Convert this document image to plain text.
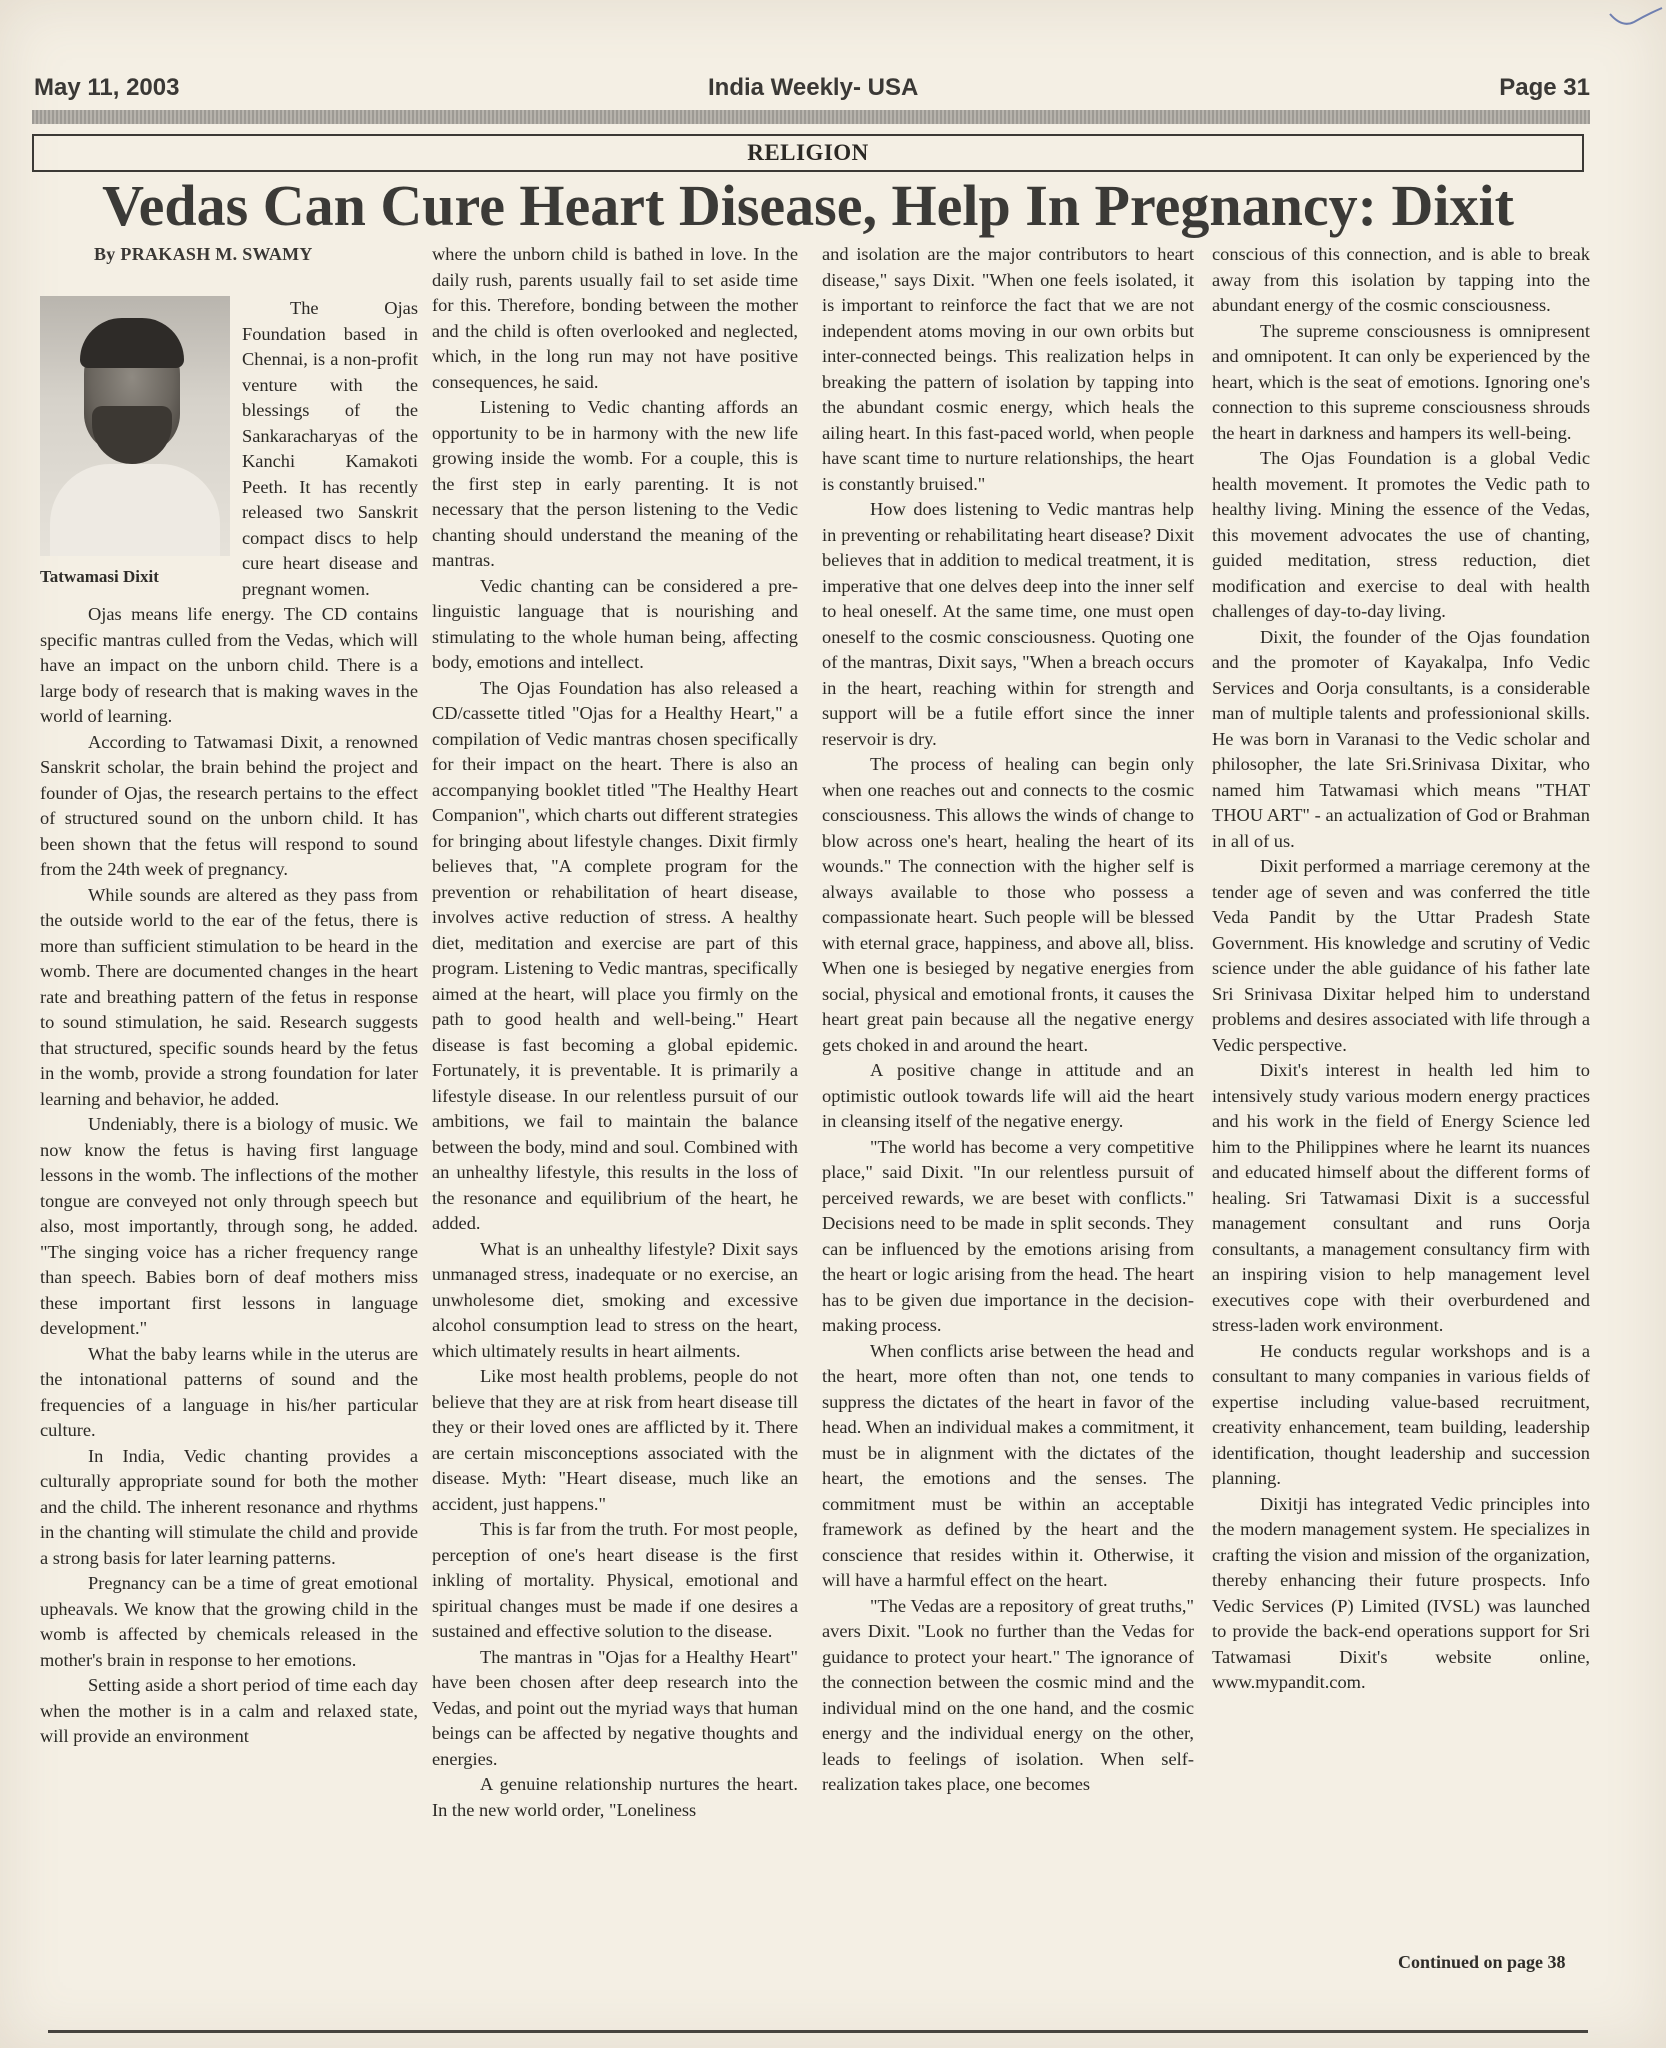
May 11, 2003	India Weekly- USA	Page 31
RELIGION
Vedas Can Cure Heart Disease, Help In Pregnancy: Dixit
By PRAKASH M. SWAMY
Tatwamasi Dixit

The Ojas Foundation based in Chennai, is a non-profit venture with the blessings of the Sankaracharyas of the Kanchi Kamakoti Peeth. It has recently released two Sanskrit compact discs to help cure heart disease and pregnant women.

Ojas means life energy. The CD contains specific mantras culled from the Vedas, which will have an impact on the unborn child. There is a large body of research that is making waves in the world of learning.

According to Tatwamasi Dixit, a renowned Sanskrit scholar, the brain behind the project and founder of Ojas, the research pertains to the effect of structured sound on the unborn child. It has been shown that the fetus will respond to sound from the 24th week of pregnancy.

While sounds are altered as they pass from the outside world to the ear of the fetus, there is more than sufficient stimulation to be heard in the womb. There are documented changes in the heart rate and breathing pattern of the fetus in response to sound stimulation, he said. Research suggests that structured, specific sounds heard by the fetus in the womb, provide a strong foundation for later learning and behavior, he added.

Undeniably, there is a biology of music. We now know the fetus is having first language lessons in the womb. The inflections of the mother tongue are conveyed not only through speech but also, most importantly, through song, he added. "The singing voice has a richer frequency range than speech. Babies born of deaf mothers miss these important first lessons in language development."

What the baby learns while in the uterus are the intonational patterns of sound and the frequencies of a language in his/her particular culture.

In India, Vedic chanting provides a culturally appropriate sound for both the mother and the child. The inherent resonance and rhythms in the chanting will stimulate the child and provide a strong basis for later learning patterns.

Pregnancy can be a time of great emotional upheavals. We know that the growing child in the womb is affected by chemicals released in the mother's brain in response to her emotions.

Setting aside a short period of time each day when the mother is in a calm and relaxed state, will provide an environment

where the unborn child is bathed in love. In the daily rush, parents usually fail to set aside time for this. Therefore, bonding between the mother and the child is often overlooked and neglected, which, in the long run may not have positive consequences, he said.

Listening to Vedic chanting affords an opportunity to be in harmony with the new life growing inside the womb. For a couple, this is the first step in early parenting. It is not necessary that the person listening to the Vedic chanting should understand the meaning of the mantras.

Vedic chanting can be considered a pre-linguistic language that is nourishing and stimulating to the whole human being, affecting body, emotions and intellect.

The Ojas Foundation has also released a CD/cassette titled "Ojas for a Healthy Heart," a compilation of Vedic mantras chosen specifically for their impact on the heart. There is also an accompanying booklet titled "The Healthy Heart Companion", which charts out different strategies for bringing about lifestyle changes. Dixit firmly believes that, "A complete program for the prevention or rehabilitation of heart disease, involves active reduction of stress. A healthy diet, meditation and exercise are part of this program. Listening to Vedic mantras, specifically aimed at the heart, will place you firmly on the path to good health and well-being." Heart disease is fast becoming a global epidemic. Fortunately, it is preventable. It is primarily a lifestyle disease. In our relentless pursuit of our ambitions, we fail to maintain the balance between the body, mind and soul. Combined with an unhealthy lifestyle, this results in the loss of the resonance and equilibrium of the heart, he added.

What is an unhealthy lifestyle? Dixit says unmanaged stress, inadequate or no exercise, an unwholesome diet, smoking and excessive alcohol consumption lead to stress on the heart, which ultimately results in heart ailments.

Like most health problems, people do not believe that they are at risk from heart disease till they or their loved ones are afflicted by it. There are certain misconceptions associated with the disease. Myth: "Heart disease, much like an accident, just happens."

This is far from the truth. For most people, perception of one's heart disease is the first inkling of mortality. Physical, emotional and spiritual changes must be made if one desires a sustained and effective solution to the disease.

The mantras in "Ojas for a Healthy Heart" have been chosen after deep research into the Vedas, and point out the myriad ways that human beings can be affected by negative thoughts and energies.

A genuine relationship nurtures the heart. In the new world order, "Loneliness

and isolation are the major contributors to heart disease," says Dixit. "When one feels isolated, it is important to reinforce the fact that we are not independent atoms moving in our own orbits but inter-connected beings. This realization helps in breaking the pattern of isolation by tapping into the abundant cosmic energy, which heals the ailing heart. In this fast-paced world, when people have scant time to nurture relationships, the heart is constantly bruised."

How does listening to Vedic mantras help in preventing or rehabilitating heart disease? Dixit believes that in addition to medical treatment, it is imperative that one delves deep into the inner self to heal oneself. At the same time, one must open oneself to the cosmic consciousness. Quoting one of the mantras, Dixit says, "When a breach occurs in the heart, reaching within for strength and support will be a futile effort since the inner reservoir is dry.

The process of healing can begin only when one reaches out and connects to the cosmic consciousness. This allows the winds of change to blow across one's heart, healing the heart of its wounds." The connection with the higher self is always available to those who possess a compassionate heart. Such people will be blessed with eternal grace, happiness, and above all, bliss. When one is besieged by negative energies from social, physical and emotional fronts, it causes the heart great pain because all the negative energy gets choked in and around the heart.

A positive change in attitude and an optimistic outlook towards life will aid the heart in cleansing itself of the negative energy.

"The world has become a very competitive place," said Dixit. "In our relentless pursuit of perceived rewards, we are beset with conflicts." Decisions need to be made in split seconds. They can be influenced by the emotions arising from the heart or logic arising from the head. The heart has to be given due importance in the decision-making process.

When conflicts arise between the head and the heart, more often than not, one tends to suppress the dictates of the heart in favor of the head. When an individual makes a commitment, it must be in alignment with the dictates of the heart, the emotions and the senses. The commitment must be within an acceptable framework as defined by the heart and the conscience that resides within it. Otherwise, it will have a harmful effect on the heart.

"The Vedas are a repository of great truths," avers Dixit. "Look no further than the Vedas for guidance to protect your heart." The ignorance of the connection between the cosmic mind and the individual mind on the one hand, and the cosmic energy and the individual energy on the other, leads to feelings of isolation. When self-realization takes place, one becomes

conscious of this connection, and is able to break away from this isolation by tapping into the abundant energy of the cosmic consciousness.

The supreme consciousness is omnipresent and omnipotent. It can only be experienced by the heart, which is the seat of emotions. Ignoring one's connection to this supreme consciousness shrouds the heart in darkness and hampers its well-being.

The Ojas Foundation is a global Vedic health movement. It promotes the Vedic path to healthy living. Mining the essence of the Vedas, this movement advocates the use of chanting, guided meditation, stress reduction, diet modification and exercise to deal with health challenges of day-to-day living.

Dixit, the founder of the Ojas foundation and the promoter of Kayakalpa, Info Vedic Services and Oorja consultants, is a considerable man of multiple talents and professionional skills. He was born in Varanasi to the Vedic scholar and philosopher, the late Sri.Srinivasa Dixitar, who named him Tatwamasi which means "THAT THOU ART" - an actualization of God or Brahman in all of us.

Dixit performed a marriage ceremony at the tender age of seven and was conferred the title Veda Pandit by the Uttar Pradesh State Government. His knowledge and scrutiny of Vedic science under the able guidance of his father late Sri Srinivasa Dixitar helped him to understand problems and desires associated with life through a Vedic perspective.

Dixit's interest in health led him to intensively study various modern energy practices and his work in the field of Energy Science led him to the Philippines where he learnt its nuances and educated himself about the different forms of healing. Sri Tatwamasi Dixit is a successful management consultant and runs Oorja consultants, a management consultancy firm with an inspiring vision to help management level executives cope with their overburdened and stress-laden work environment.

He conducts regular workshops and is a consultant to many companies in various fields of expertise including value-based recruitment, creativity enhancement, team building, leadership identification, thought leadership and succession planning.

Dixitji has integrated Vedic principles into the modern management system. He specializes in crafting the vision and mission of the organization, thereby enhancing their future prospects. Info Vedic Services (P) Limited (IVSL) was launched to provide the back-end operations support for Sri Tatwamasi Dixit's website online, www.mypandit.com.

Continued on page 38
